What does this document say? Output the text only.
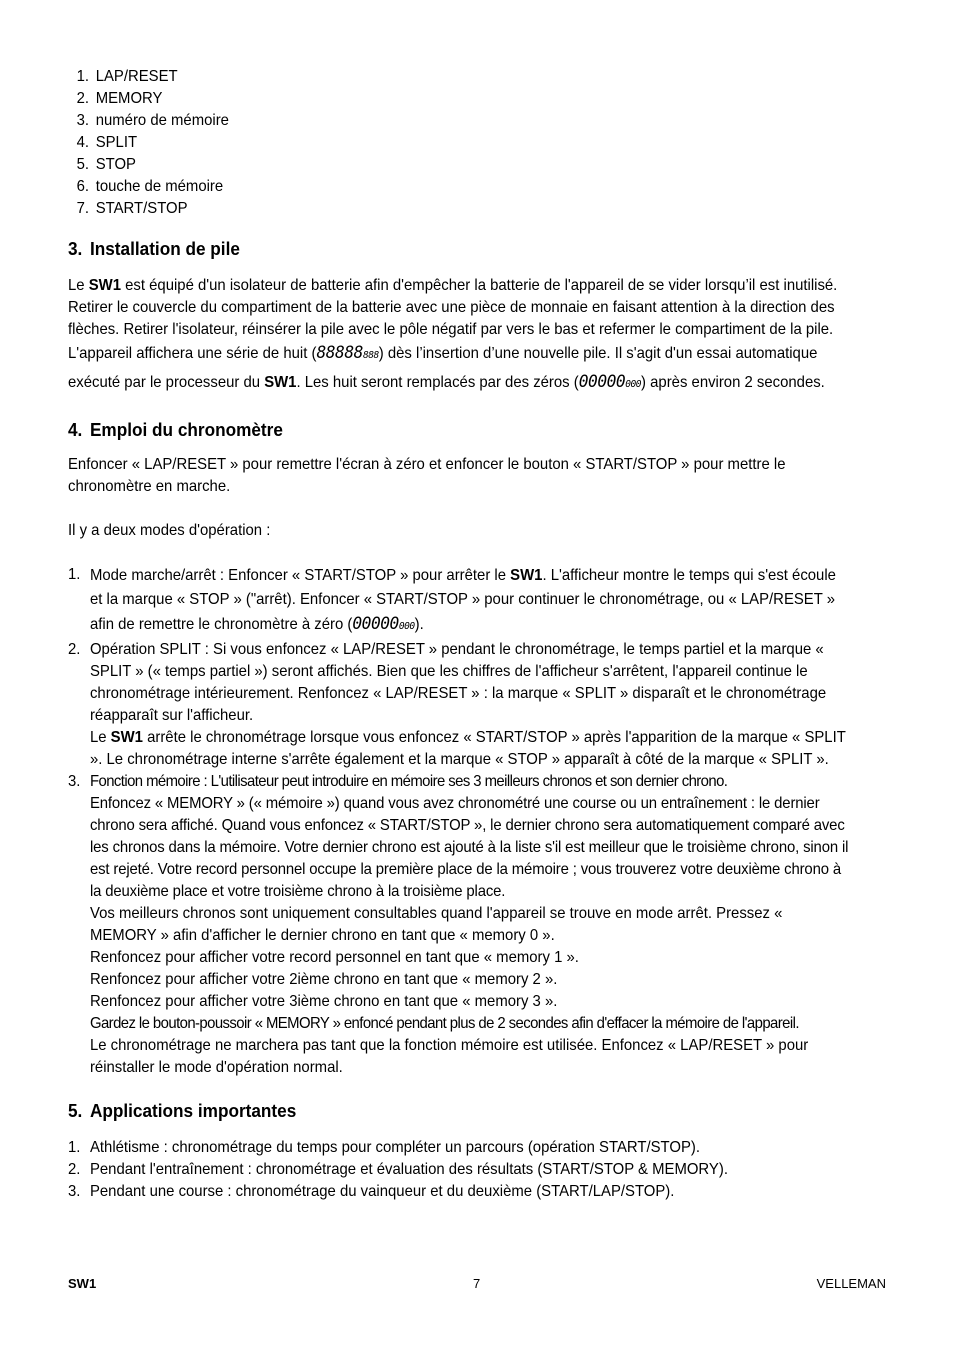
1. LAP/RESET
2. MEMORY
3. numéro de mémoire
4. SPLIT
5. STOP
6. touche de mémoire
7. START/STOP
3. Installation de pile

Le SW1 est équipé d'un isolateur de batterie afin d'empêcher la batterie de l'appareil de se vider lorsqu’il est inutilisé. Retirer le couvercle du compartiment de la batterie avec une pièce de monnaie en faisant attention à la direction des flèches. Retirer l'isolateur, réinsérer la pile avec le pôle négatif par vers le bas et refermer le compartiment de la pile.

L'appareil affichera une série de huit (88888888) dès l’insertion d’une nouvelle pile. Il s'agit d'un essai automatique exécuté par le processeur du SW1. Les huit seront remplacés par des zéros (00000000) après environ 2 secondes.

4. Emploi du chronomètre

Enfoncer « LAP/RESET » pour remettre l'écran à zéro et enfoncer le bouton « START/STOP » pour mettre le chronomètre en marche.

Il y a deux modes d'opération :

1. Mode marche/arrêt : Enfoncer « START/STOP » pour arrêter le SW1. L'afficheur montre le temps qui s'est écoule et la marque « STOP » ("arrêt). Enfoncer « START/STOP » pour continuer le chronométrage, ou « LAP/RESET » afin de remettre le chronomètre à zéro (00000000).
2. Opération SPLIT : Si vous enfoncez « LAP/RESET » pendant le chronométrage, le temps partiel et la marque « SPLIT » (« temps partiel ») seront affichés. Bien que les chiffres de l'afficheur s'arrêtent, l'appareil continue le chronométrage intérieurement. Renfoncez « LAP/RESET » : la marque « SPLIT » disparaît et le chronométrage réapparaît sur l'afficheur.

Le SW1 arrête le chronométrage lorsque vous enfoncez « START/STOP » après l'apparition de la marque « SPLIT ». Le chronométrage interne s'arrête également et la marque « STOP » apparaît à côté de la marque « SPLIT ».

3. Fonction mémoire : L'utilisateur peut introduire en mémoire ses 3 meilleurs chronos et son dernier chrono.

Enfoncez « MEMORY » (« mémoire ») quand vous avez chronométré une course ou un entraînement : le dernier chrono sera affiché. Quand vous enfoncez « START/STOP », le dernier chrono sera automatiquement comparé avec les chronos dans la mémoire. Votre dernier chrono est ajouté à la liste s'il est meilleur que le troisième chrono, sinon il est rejeté. Votre record personnel occupe la première place de la mémoire ; vous trouverez votre deuxième chrono à la deuxième place et votre troisième chrono à la troisième place.

Vos meilleurs chronos sont uniquement consultables quand l'appareil se trouve en mode arrêt. Pressez « MEMORY » afin d'afficher le dernier chrono en tant que « memory 0 ».

Renfoncez pour afficher votre record personnel en tant que « memory 1 ».

Renfoncez pour afficher votre 2ième chrono en tant que « memory 2 ».

Renfoncez pour afficher votre 3ième chrono en tant que « memory 3 ».

Gardez le bouton-poussoir « MEMORY » enfoncé pendant plus de 2 secondes afin d'effacer la mémoire de l'appareil.

Le chronométrage ne marchera pas tant que la fonction mémoire est utilisée. Enfoncez « LAP/RESET » pour réinstaller le mode d'opération normal.

5. Applications importantes
1. Athlétisme : chronométrage du temps pour compléter un parcours (opération START/STOP).
2. Pendant l'entraînement : chronométrage et évaluation des résultats (START/STOP & MEMORY).
3. Pendant une course : chronométrage du vainqueur et du deuxième (START/LAP/STOP).
SW1	7	VELLEMAN
